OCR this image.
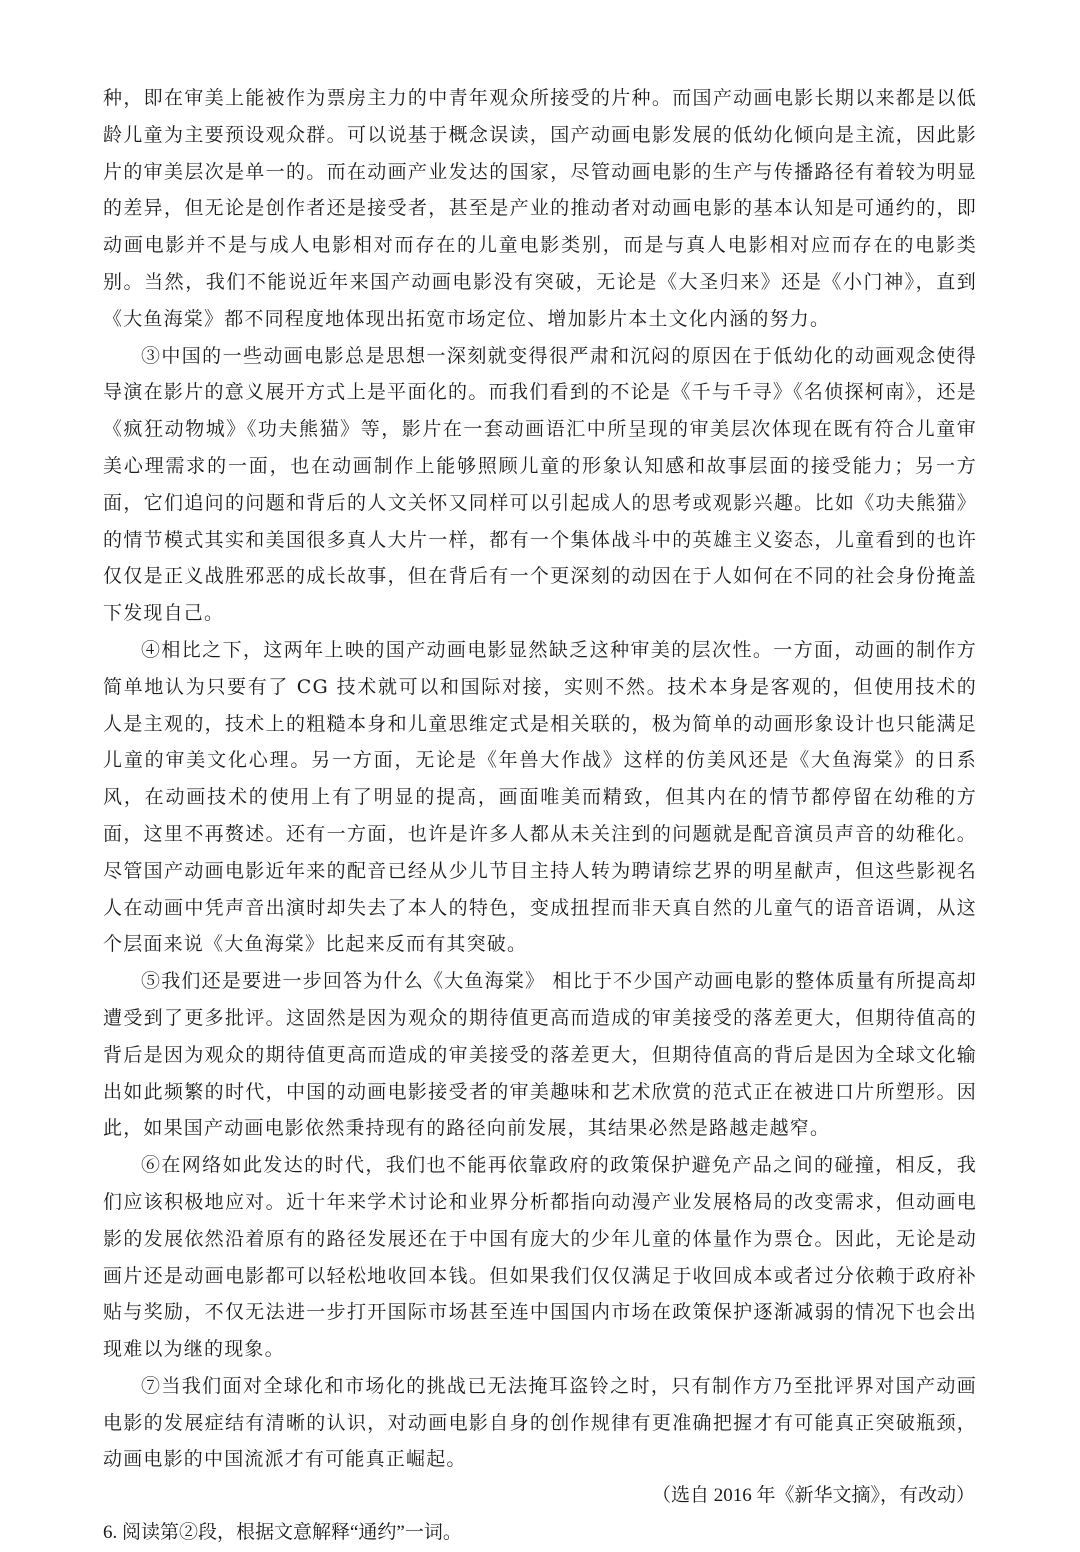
种，即在审美上能被作为票房主力的中青年观众所接受的片种。而国产动画电影长期以来都是以低龄儿童为主要预设观众群。可以说基于概念误读，国产动画电影发展的低幼化倾向是主流，因此影片的审美层次是单一的。而在动画产业发达的国家，尽管动画电影的生产与传播路径有着较为明显的差异，但无论是创作者还是接受者，甚至是产业的推动者对动画电影的基本认知是可通约的，即动画电影并不是与成人电影相对而存在的儿童电影类别，而是与真人电影相对应而存在的电影类别。当然，我们不能说近年来国产动画电影没有突破，无论是《大圣归来》还是《小门神》，直到《大鱼海棠》都不同程度地体现出拓宽市场定位、增加影片本土文化内涵的努力。

③中国的一些动画电影总是思想一深刻就变得很严肃和沉闷的原因在于低幼化的动画观念使得导演在影片的意义展开方式上是平面化的。而我们看到的不论是《千与千寻》《名侦探柯南》，还是《疯狂动物城》《功夫熊猫》等，影片在一套动画语汇中所呈现的审美层次体现在既有符合儿童审美心理需求的一面，也在动画制作上能够照顾儿童的形象认知感和故事层面的接受能力；另一方面，它们追问的问题和背后的人文关怀又同样可以引起成人的思考或观影兴趣。比如《功夫熊猫》的情节模式其实和美国很多真人大片一样，都有一个集体战斗中的英雄主义姿态，儿童看到的也许仅仅是正义战胜邪恶的成长故事，但在背后有一个更深刻的动因在于人如何在不同的社会身份掩盖下发现自己。

④相比之下，这两年上映的国产动画电影显然缺乏这种审美的层次性。一方面，动画的制作方简单地认为只要有了 CG 技术就可以和国际对接，实则不然。技术本身是客观的，但使用技术的人是主观的，技术上的粗糙本身和儿童思维定式是相关联的，极为简单的动画形象设计也只能满足儿童的审美文化心理。另一方面，无论是《年兽大作战》这样的仿美风还是《大鱼海棠》的日系风，在动画技术的使用上有了明显的提高，画面唯美而精致，但其内在的情节都停留在幼稚的方面，这里不再赘述。还有一方面，也许是许多人都从未关注到的问题就是配音演员声音的幼稚化。尽管国产动画电影近年来的配音已经从少儿节目主持人转为聘请综艺界的明星献声，但这些影视名人在动画中凭声音出演时却失去了本人的特色，变成扭捏而非天真自然的儿童气的语音语调，从这个层面来说《大鱼海棠》比起来反而有其突破。

⑤我们还是要进一步回答为什么《大鱼海棠》 相比于不少国产动画电影的整体质量有所提高却遭受到了更多批评。这固然是因为观众的期待值更高而造成的审美接受的落差更大，但期待值高的背后是因为观众的期待值更高而造成的审美接受的落差更大，但期待值高的背后是因为全球文化输出如此频繁的时代，中国的动画电影接受者的审美趣味和艺术欣赏的范式正在被进口片所塑形。因此，如果国产动画电影依然秉持现有的路径向前发展，其结果必然是路越走越窄。

⑥在网络如此发达的时代，我们也不能再依靠政府的政策保护避免产品之间的碰撞，相反，我们应该积极地应对。近十年来学术讨论和业界分析都指向动漫产业发展格局的改变需求，但动画电影的发展依然沿着原有的路径发展还在于中国有庞大的少年儿童的体量作为票仓。因此，无论是动画片还是动画电影都可以轻松地收回本钱。但如果我们仅仅满足于收回成本或者过分依赖于政府补贴与奖励，不仅无法进一步打开国际市场甚至连中国国内市场在政策保护逐渐减弱的情况下也会出现难以为继的现象。

⑦当我们面对全球化和市场化的挑战已无法掩耳盗铃之时，只有制作方乃至批评界对国产动画电影的发展症结有清晰的认识，对动画电影自身的创作规律有更准确把握才有可能真正突破瓶颈，动画电影的中国流派才有可能真正崛起。

（选自 2016 年《新华文摘》，有改动）

6. 阅读第②段，根据文意解释“通约”一词。
